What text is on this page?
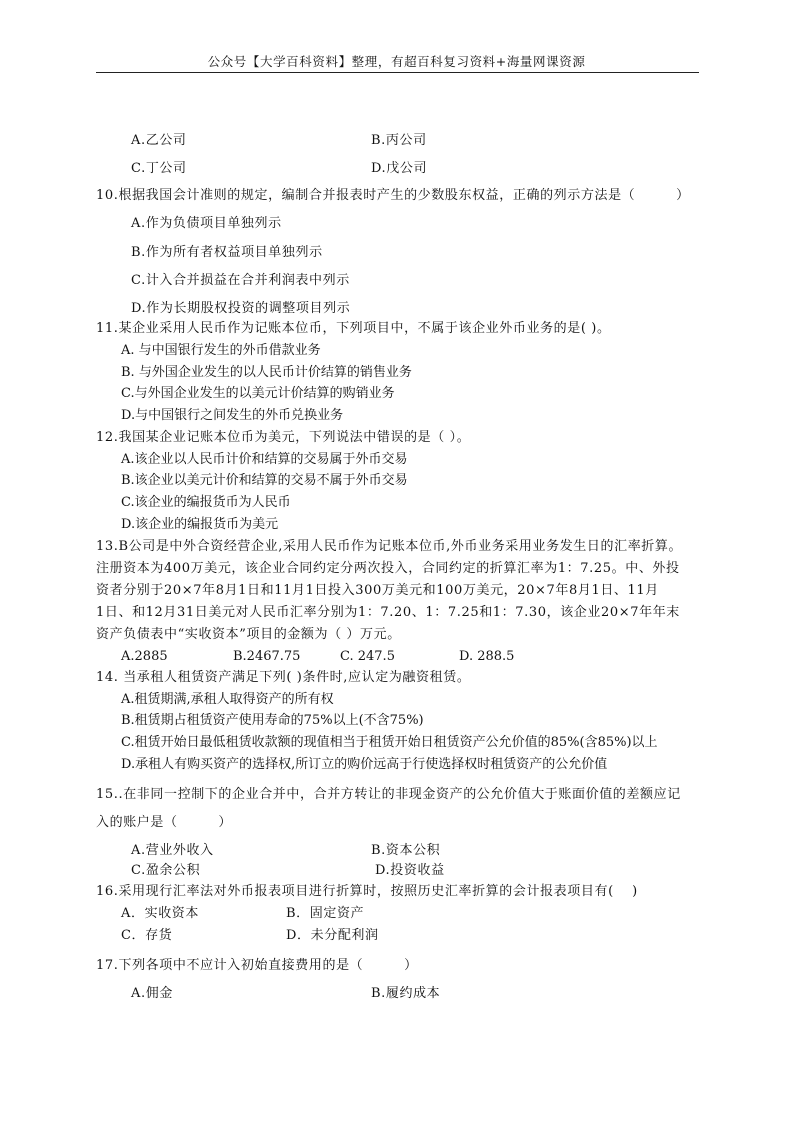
公众号【大学百科资料】整理，有超百科复习资料+海量网课资源
A.乙公司	B.丙公司
C.丁公司	D.戊公司
10.根据我国会计准则的规定，编制合并报表时产生的少数股东权益，正确的列示方法是（　　　）
A.作为负债项目单独列示
B.作为所有者权益项目单独列示
C.计入合并损益在合并利润表中列示
D.作为长期股权投资的调整项目列示
11.某企业采用人民币作为记账本位币，下列项目中，不属于该企业外币业务的是( )。
A. 与中国银行发生的外币借款业务
B. 与外国企业发生的以人民币计价结算的销售业务
C.与外国企业发生的以美元计价结算的购销业务
D.与中国银行之间发生的外币兑换业务
12.我国某企业记账本位币为美元，下列说法中错误的是（ ）。
A.该企业以人民币计价和结算的交易属于外币交易
B.该企业以美元计价和结算的交易不属于外币交易
C.该企业的编报货币为人民币
D.该企业的编报货币为美元
13.B公司是中外合资经营企业,采用人民币作为记账本位币,外币业务采用业务发生日的汇率折算。
注册资本为400万美元，该企业合同约定分两次投入，合同约定的折算汇率为1：7.25。中、外投
资者分别于20×7年8月1日和11月1日投入300万美元和100万美元，20×7年8月1日、11月
1日、和12月31日美元对人民币汇率分别为1：7.20、1：7.25和1：7.30，该企业20×7年年末
资产负债表中“实收资本”项目的金额为（ ）万元。
A.2885	B.2467.75	C. 247.5	D. 288.5
14. 当承租人租赁资产满足下列( )条件时,应认定为融资租赁。
A.租赁期满,承租人取得资产的所有权
B.租赁期占租赁资产使用寿命的75%以上(不含75%)
C.租赁开始日最低租赁收款额的现值相当于租赁开始日租赁资产公允价值的85%(含85%)以上
D.承租人有购买资产的选择权,所订立的购价远高于行使选择权时租赁资产的公允价值
15..在非同一控制下的企业合并中，合并方转让的非现金资产的公允价值大于账面价值的差额应记
入的账户是（　　　）
A.营业外收入	B.资本公积
C.盈余公积	D.投资收益
16.采用现行汇率法对外币报表项目进行折算时，按照历史汇率折算的会计报表项目有(　 )
A．实收资本	B．固定资产
C．存货	D．未分配利润
17.下列各项中不应计入初始直接费用的是（　　　）
A.佣金	B.履约成本
